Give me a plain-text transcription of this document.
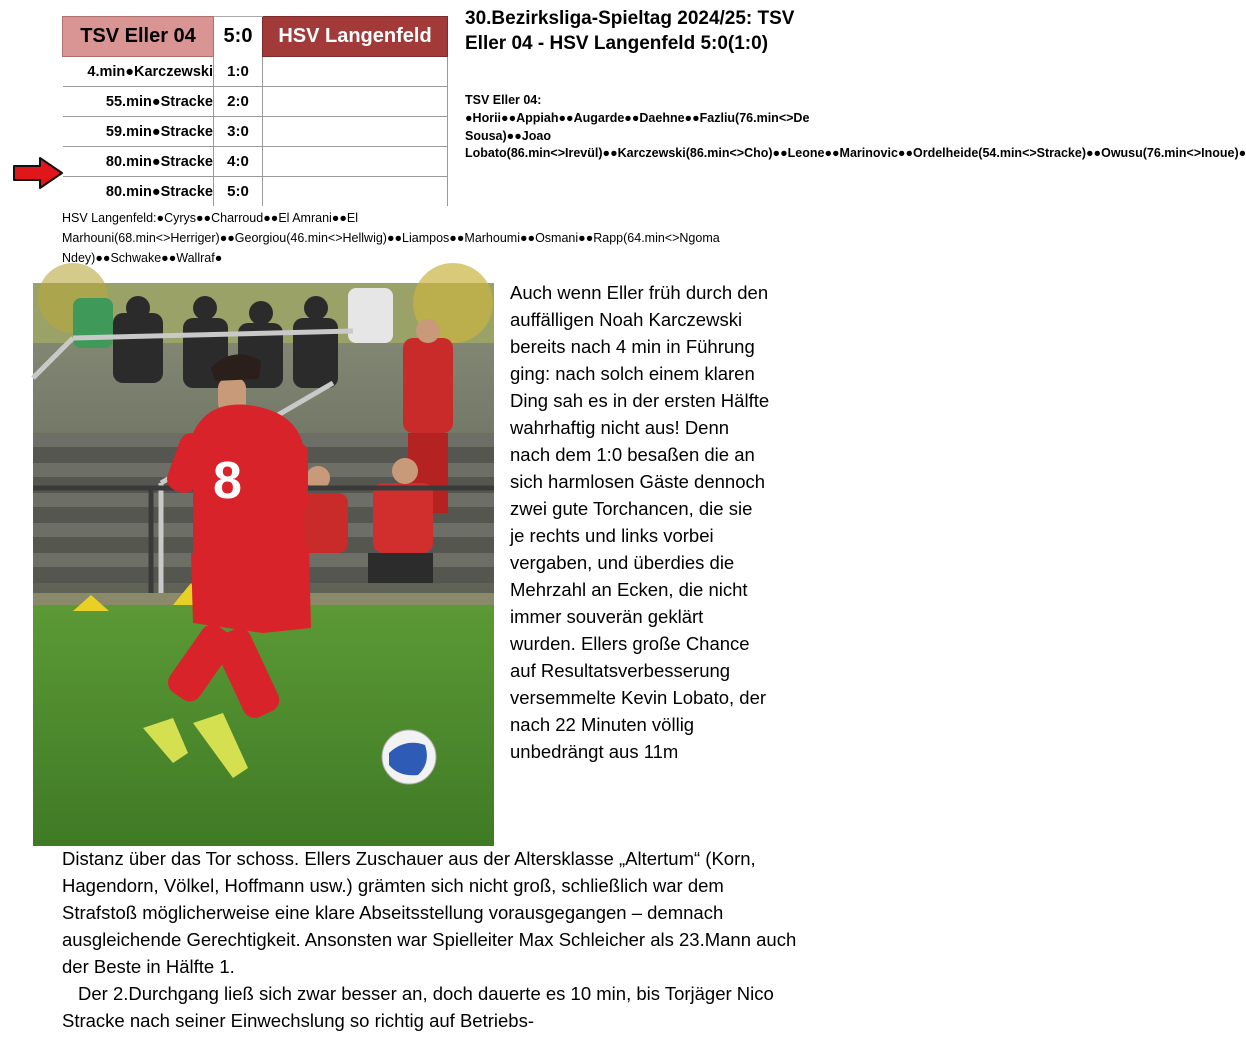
TSV Eller 04	5:0	HSV Langenfeld
4.min●Karczewski	1:0	
55.min●Stracke	2:0	
59.min●Stracke	3:0	
80.min●Stracke	4:0	
80.min●Stracke	5:0	
30.Bezirksliga-Spieltag 2024/25: TSV Eller 04 - HSV Langenfeld 5:0(1:0)
TSV Eller 04: ●Horii●●Appiah●●Augarde●●Daehne●●Fazliu(76.min<>De Sousa)●●Joao Lobato(86.min<>Irevül)●●Karczewski(86.min<>Cho)●●Leone●●Marinovic●●Ordelheide(54.min<>Stracke)●●Owusu(76.min<>Inoue)●
HSV Langenfeld:●Cyrys●●Charroud●●El Amrani●●El Marhouni(68.min<>Herriger)●●Georgiou(46.min<>Hellwig)●●Liampos●●Marhoumi●●Osmani●●Rapp(64.min<>Ngoma Ndey)●●Schwake●●Wallraf●
8
Auch wenn Eller früh durch den auffälligen Noah Karczewski bereits nach 4 min in Führung ging: nach solch einem klaren Ding sah es in der ersten Hälfte wahrhaftig nicht aus! Denn nach dem 1:0 besaßen die an sich harmlosen Gäste dennoch zwei gute Torchancen, die sie je rechts und links vorbei vergaben, und überdies die Mehrzahl an Ecken, die nicht immer souverän geklärt wurden. Ellers große Chance auf Resultatsverbesserung versemmelte Kevin Lobato, der nach 22 Minuten völlig unbedrängt aus 11m

Distanz über das Tor schoss. Ellers Zuschauer aus der Altersklasse „Altertum“ (Korn, Hagendorn, Völkel, Hoffmann usw.) grämten sich nicht groß, schließlich war dem Strafstoß möglicherweise eine klare Abseitsstellung vorausgegangen – demnach ausgleichende Gerechtigkeit. Ansonsten war Spielleiter Max Schleicher als 23.Mann auch der Beste in Hälfte 1.

Der 2.Durchgang ließ sich zwar besser an, doch dauerte es 10 min, bis Torjäger Nico Stracke nach seiner Einwechslung so richtig auf Betriebs-
